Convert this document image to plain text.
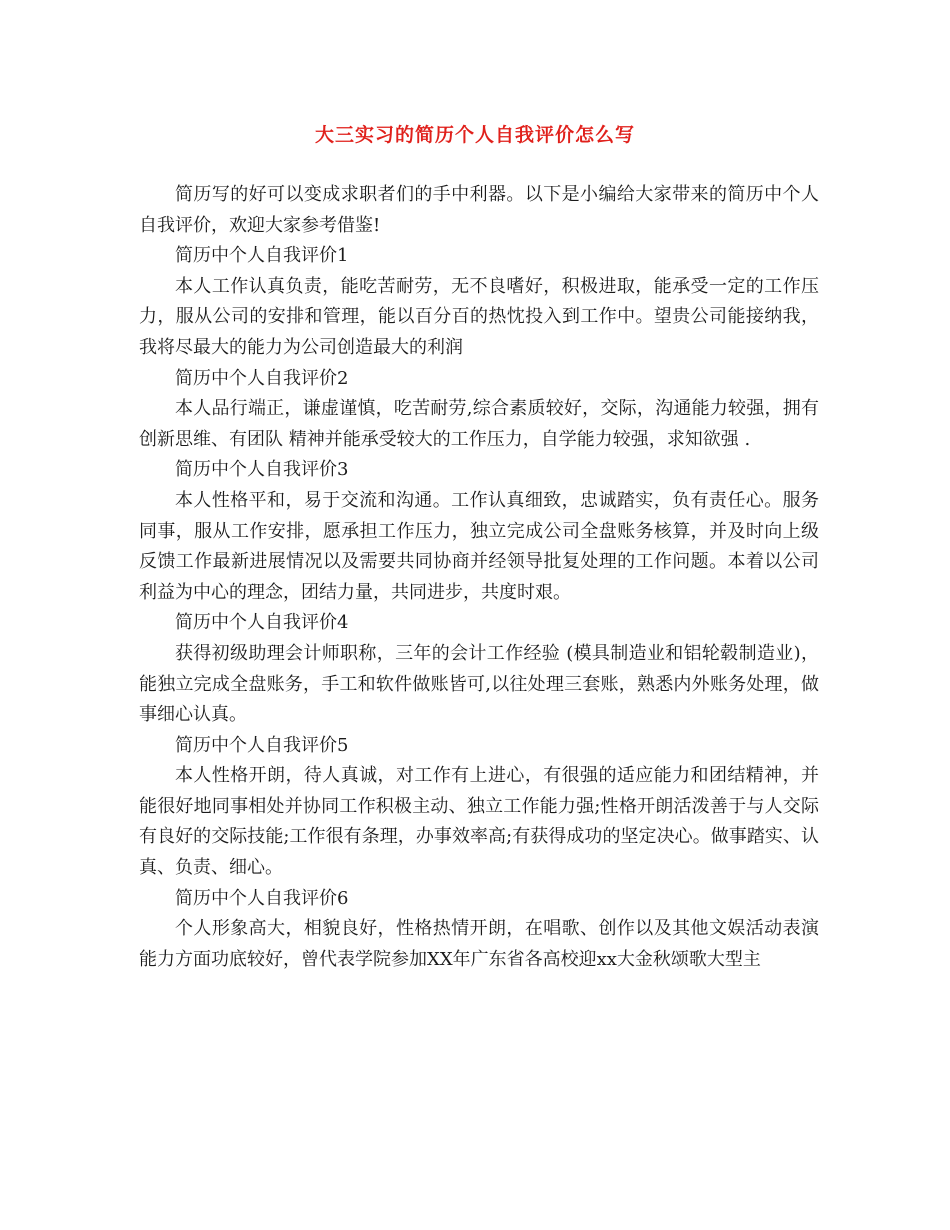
大三实习的简历个人自我评价怎么写

简历写的好可以变成求职者们的手中利器。以下是小编给大家带来的简历中个人自我评价，欢迎大家参考借鉴!

简历中个人自我评价1

本人工作认真负责，能吃苦耐劳，无不良嗜好，积极进取，能承受一定的工作压力，服从公司的安排和管理，能以百分百的热忱投入到工作中。望贵公司能接纳我，我将尽最大的能力为公司创造最大的利润

简历中个人自我评价2

本人品行端正，谦虚谨慎，吃苦耐劳,综合素质较好，交际，沟通能力较强，拥有创新思维、有团队 精神并能承受较大的工作压力，自学能力较强，求知欲强 .

简历中个人自我评价3

本人性格平和，易于交流和沟通。工作认真细致，忠诚踏实，负有责任心。服务同事，服从工作安排，愿承担工作压力，独立完成公司全盘账务核算，并及时向上级反馈工作最新进展情况以及需要共同协商并经领导批复处理的工作问题。本着以公司利益为中心的理念，团结力量，共同进步，共度时艰。

简历中个人自我评价4

获得初级助理会计师职称，三年的会计工作经验 (模具制造业和铝轮毂制造业)，能独立完成全盘账务，手工和软件做账皆可,以往处理三套账，熟悉内外账务处理，做事细心认真。

简历中个人自我评价5

本人性格开朗，待人真诚，对工作有上进心，有很强的适应能力和团结精神，并能很好地同事相处并协同工作积极主动、独立工作能力强;性格开朗活泼善于与人交际有良好的交际技能;工作很有条理，办事效率高;有获得成功的坚定决心。做事踏实、认真、负责、细心。

简历中个人自我评价6

个人形象高大，相貌良好，性格热情开朗，在唱歌、创作以及其他文娱活动表演能力方面功底较好，曾代表学院参加XX年广东省各高校迎xx大金秋颂歌大型主
